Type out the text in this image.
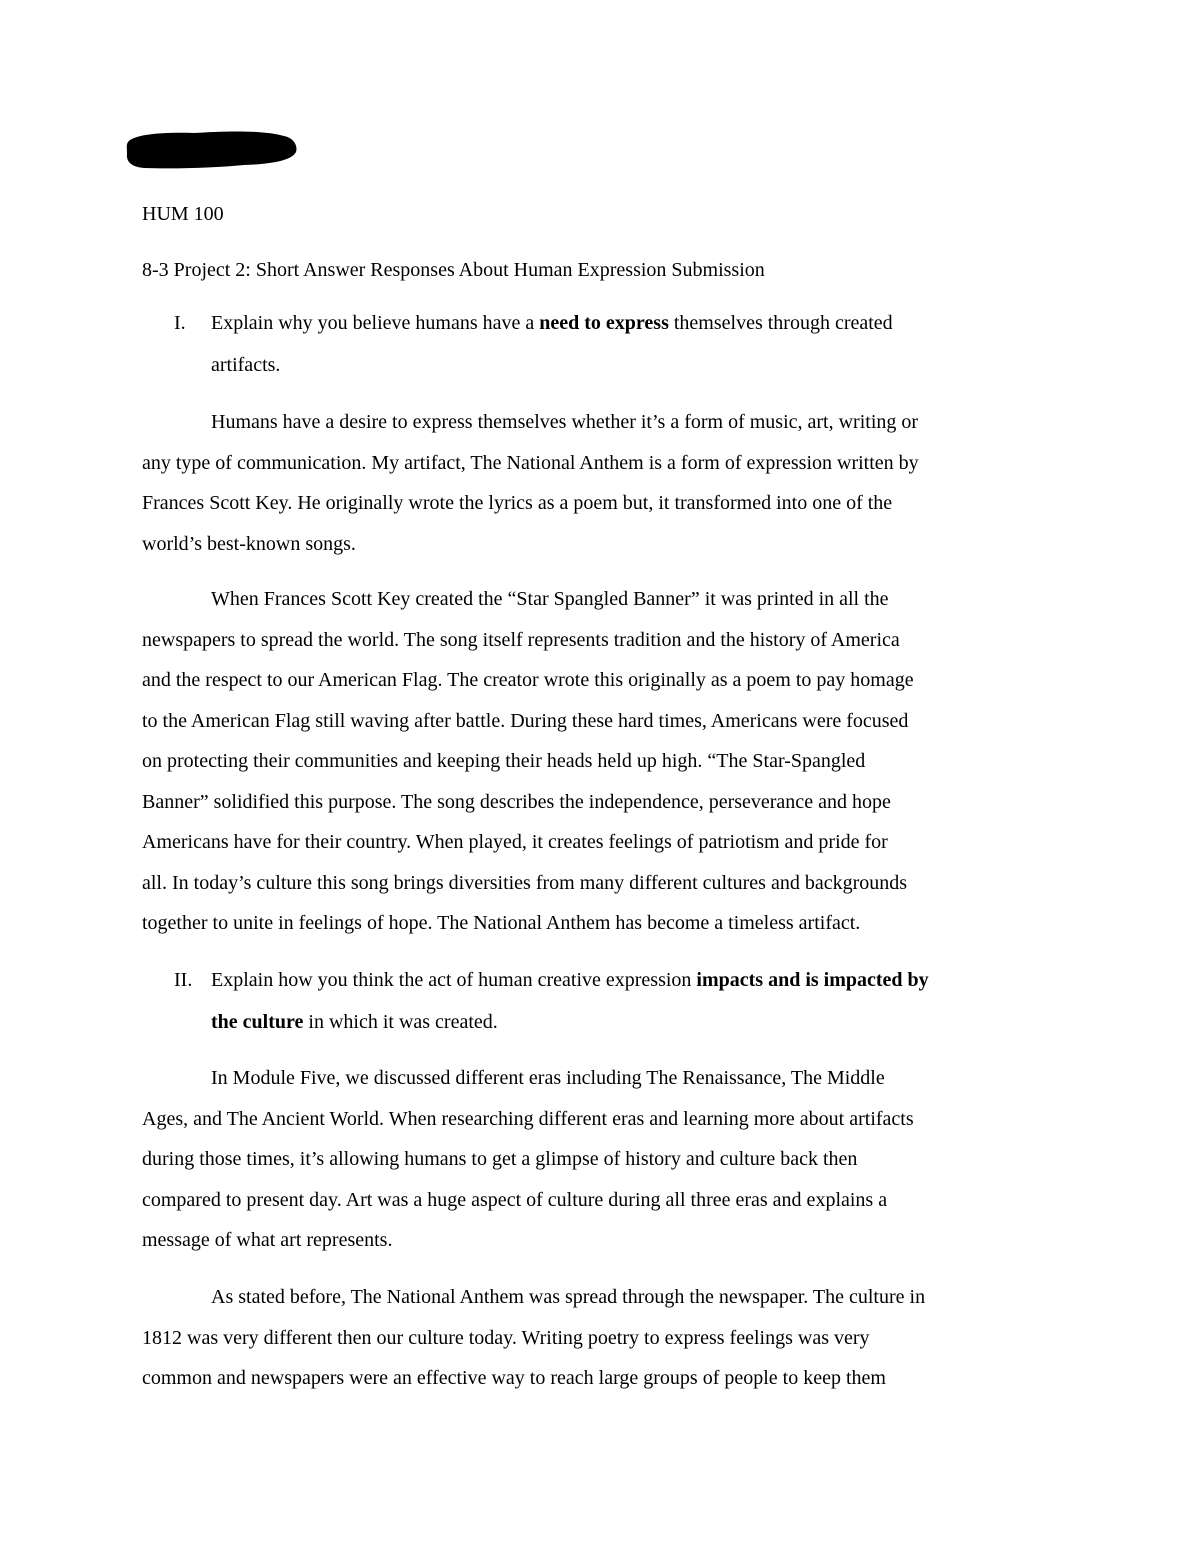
HUM 100
8-3 Project 2: Short Answer Responses About Human Expression Submission
I. Explain why you believe humans have a need to express themselves through created
artifacts.
Humans have a desire to express themselves whether it’s a form of music, art, writing or
any type of communication. My artifact, The National Anthem is a form of expression written by
Frances Scott Key. He originally wrote the lyrics as a poem but, it transformed into one of the
world’s best-known songs.
When Frances Scott Key created the “Star Spangled Banner” it was printed in all the
newspapers to spread the world. The song itself represents tradition and the history of America
and the respect to our American Flag. The creator wrote this originally as a poem to pay homage
to the American Flag still waving after battle. During these hard times, Americans were focused
on protecting their communities and keeping their heads held up high. “The Star-Spangled
Banner” solidified this purpose. The song describes the independence, perseverance and hope
Americans have for their country. When played, it creates feelings of patriotism and pride for
all. In today’s culture this song brings diversities from many different cultures and backgrounds
together to unite in feelings of hope. The National Anthem has become a timeless artifact.
II. Explain how you think the act of human creative expression impacts and is impacted by
the culture in which it was created.
In Module Five, we discussed different eras including The Renaissance, The Middle
Ages, and The Ancient World. When researching different eras and learning more about artifacts
during those times, it’s allowing humans to get a glimpse of history and culture back then
compared to present day. Art was a huge aspect of culture during all three eras and explains a
message of what art represents.
As stated before, The National Anthem was spread through the newspaper. The culture in
1812 was very different then our culture today. Writing poetry to express feelings was very
common and newspapers were an effective way to reach large groups of people to keep them
